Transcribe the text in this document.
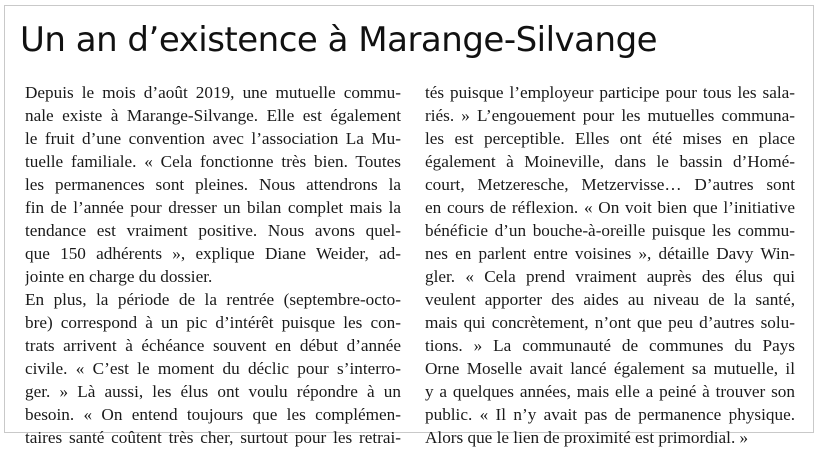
Un an d’existence à Marange-Silvange
Depuis le mois d’août 2019, une mutuelle commu-
nale existe à Marange-Silvange. Elle est également
le fruit d’une convention avec l’association La Mu-
tuelle familiale. « Cela fonctionne très bien. Toutes
les permanences sont pleines. Nous attendrons la
fin de l’année pour dresser un bilan complet mais la
tendance est vraiment positive. Nous avons quel-
que 150 adhérents », explique Diane Weider, ad-
jointe en charge du dossier.
En plus, la période de la rentrée (septembre-octo-
bre) correspond à un pic d’intérêt puisque les con-
trats arrivent à échéance souvent en début d’année
civile. « C’est le moment du déclic pour s’interro-
ger. » Là aussi, les élus ont voulu répondre à un
besoin. « On entend toujours que les complémen-
taires santé coûtent très cher, surtout pour les retrai-
tés puisque l’employeur participe pour tous les sala-
riés. » L’engouement pour les mutuelles communa-
les est perceptible. Elles ont été mises en place
également à Moineville, dans le bassin d’Homé-
court, Metzeresche, Metzervisse… D’autres sont
en cours de réflexion. « On voit bien que l’initiative
bénéficie d’un bouche-à-oreille puisque les commu-
nes en parlent entre voisines », détaille Davy Win-
gler. « Cela prend vraiment auprès des élus qui
veulent apporter des aides au niveau de la santé,
mais qui concrètement, n’ont que peu d’autres solu-
tions. » La communauté de communes du Pays
Orne Moselle avait lancé également sa mutuelle, il
y a quelques années, mais elle a peiné à trouver son
public. « Il n’y avait pas de permanence physique.
Alors que le lien de proximité est primordial. »
